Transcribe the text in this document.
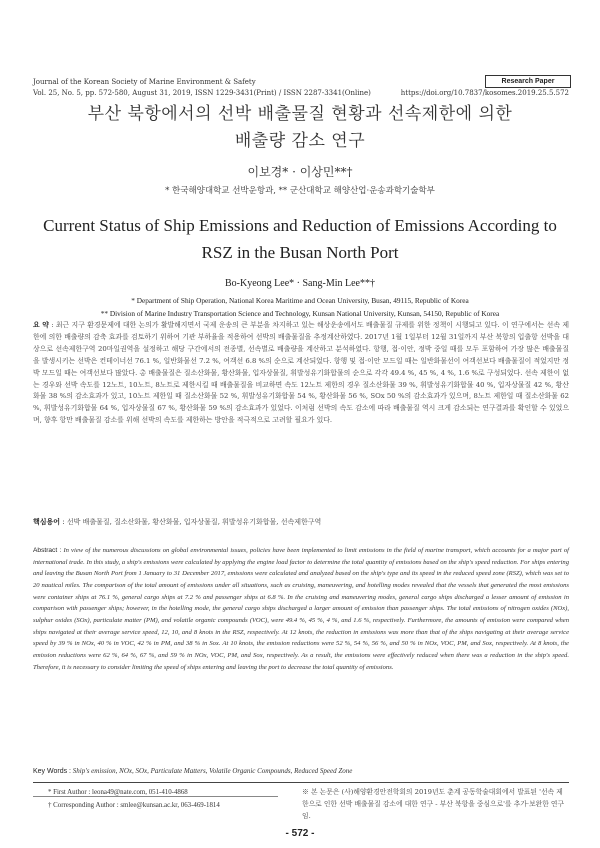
Journal of the Korean Society of Marine Environment & Safety	Research Paper
Vol. 25, No. 5, pp. 572-580, August 31, 2019, ISSN 1229-3431(Print) / ISSN 2287-3341(Online)	https://doi.org/10.7837/kosomes.2019.25.5.572
부산 북항에서의 선박 배출물질 현황과 선속제한에 의한
배출량 감소 연구
이보경* · 이상민**†
* 한국해양대학교 선박운항과, ** 군산대학교 해양산업·운송과학기술학부
Current Status of Ship Emissions and Reduction of Emissions According to
RSZ in the Busan North Port
Bo-Kyeong Lee* · Sang-Min Lee**†
* Department of Ship Operation, National Korea Maritime and Ocean University, Busan, 49115, Republic of Korea
** Division of Marine Industry Transportation Science and Technology, Kunsan National University, Kunsan, 54150, Republic of Korea
요 약 : 최근 지구 환경문제에 대한 논의가 활발해지면서 국제 운송의 큰 부분을 차지하고 있는 해상운송에서도 배출물질 규제를 위한 정책이 시행되고 있다. 이 연구에서는 선속 제한에 의한 배출량의 감축 효과를 검토하기 위하여 기관 부하율을 적용하여 선박의 배출물질을 추정계산하였다. 2017년 1월 1일부터 12월 31일까지 부산 북항의 입출항 선박을 대상으로 선속제한구역 20마일권역을 설정하고 해당 구간에서의 전종별, 선속별로 배출량을 계산하고 분석하였다. 항행, 접·이안, 정박 중일 때를 모두 포함하여 가장 많은 배출물질을 발생시키는 선박은 컨테이너선 76.1 %, 일반화물선 7.2 %, 여객선 6.8 %의 순으로 계산되었다. 항행 및 접·이안 모드일 때는 일반화물선이 여객선보다 배출물질이 적었지만 정박 모드일 때는 여객선보다 많았다. 총 배출물질은 질소산화물, 황산화물, 입자상물질, 휘발성유기화합물의 순으로 각각 49.4 %, 45 %, 4 %, 1.6 %로 구성되었다. 선속 제한이 없는 경우와 선박 속도를 12노트, 10노트, 8노트로 제한시킬 때 배출물질을 비교하면 속도 12노트 제한의 경우 질소산화물 39 %, 휘발성유기화합물 40 %, 입자상물질 42 %, 황산화물 38 %의 감소효과가 있고, 10노트 제한일 때 질소산화물 52 %, 휘발성유기화합물 54 %, 황산화물 56 %, SOx 50 %의 감소효과가 있으며, 8노트 제한일 때 질소산화물 62 %, 휘발성유기화합물 64 %, 입자상물질 67 %, 황산화물 59 %의 감소효과가 있었다. 이처럼 선박의 속도 감소에 따라 배출물질 역시 크게 감소되는 연구결과를 확인할 수 있었으며, 향후 항만 배출물질 감소를 위해 선박의 속도를 제한하는 방안을 적극적으로 고려할 필요가 있다.
핵심용어 : 선박 배출물질, 질소산화물, 황산화물, 입자상물질, 휘발성유기화합물, 선속제한구역
Abstract : In view of the numerous discussions on global environmental issues, policies have been implemented to limit emissions in the field of marine transport, which accounts for a major part of international trade. In this study, a ship's emissions were calculated by applying the engine load factor to determine the total quantity of emissions based on the ship's speed reduction. For ships entering and leaving the Busan North Port from 1 January to 31 December 2017, emissions were calculated and analyzed based on the ship's type and its speed in the reduced speed zone (RSZ), which was set to 20 nautical miles. The comparison of the total amount of emissions under all situations, such as cruising, maneuvering, and hotelling modes revealed that the vessels that generated the most emissions were container ships at 76.1 %, general cargo ships at 7.2 % and passenger ships at 6.8 %. In the cruising and maneuvering modes, general cargo ships discharged a lesser amount of emission in comparison with passenger ships; however, in the hotelling mode, the general cargo ships discharged a larger amount of emission than passenger ships. The total emissions of nitrogen oxides (NOx), sulphur oxides (SOx), particulate matter (PM), and volatile organic compounds (VOC), were 49.4 %, 45 %, 4 %, and 1.6 %, respectively. Furthermore, the amounts of emission were compared when ships navigated at their average service speed, 12, 10, and 8 knots in the RSZ, respectively. At 12 knots, the reduction in emissions was more than that of the ships navigating at their average service speed by 39 % in NOx, 40 % in VOC, 42 % in PM, and 38 % in Sox. At 10 knots, the emission reductions were 52 %, 54 %, 56 %, and 50 % in NOx, VOC, PM, and Sox, respectively. At 8 knots, the emission reductions were 62 %, 64 %, 67 %, and 59 % in NOx, VOC, PM, and Sox, respectively. As a result, the emissions were effectively reduced when there was a reduction in the ship's speed. Therefore, it is necessary to consider limiting the speed of ships entering and leaving the port to decrease the total quantity of emissions.
Key Words : Ship's emission, NOx, SOx, Particulate Matters, Volatile Organic Compounds, Reduced Speed Zone
* First Author : leona49@nate.com, 051-410-4868
† Corresponding Author : smlee@kunsan.ac.kr, 063-469-1814
※ 본 논문은 (사)해양환경안전학회의 2019년도 춘계 공동학술대회에서 발표된 '선속 제한으로 인한 선박 배출물질 감소에 대한 연구 - 부산 북항을 중심으로'를 추가·보완한 연구임.
- 572 -
